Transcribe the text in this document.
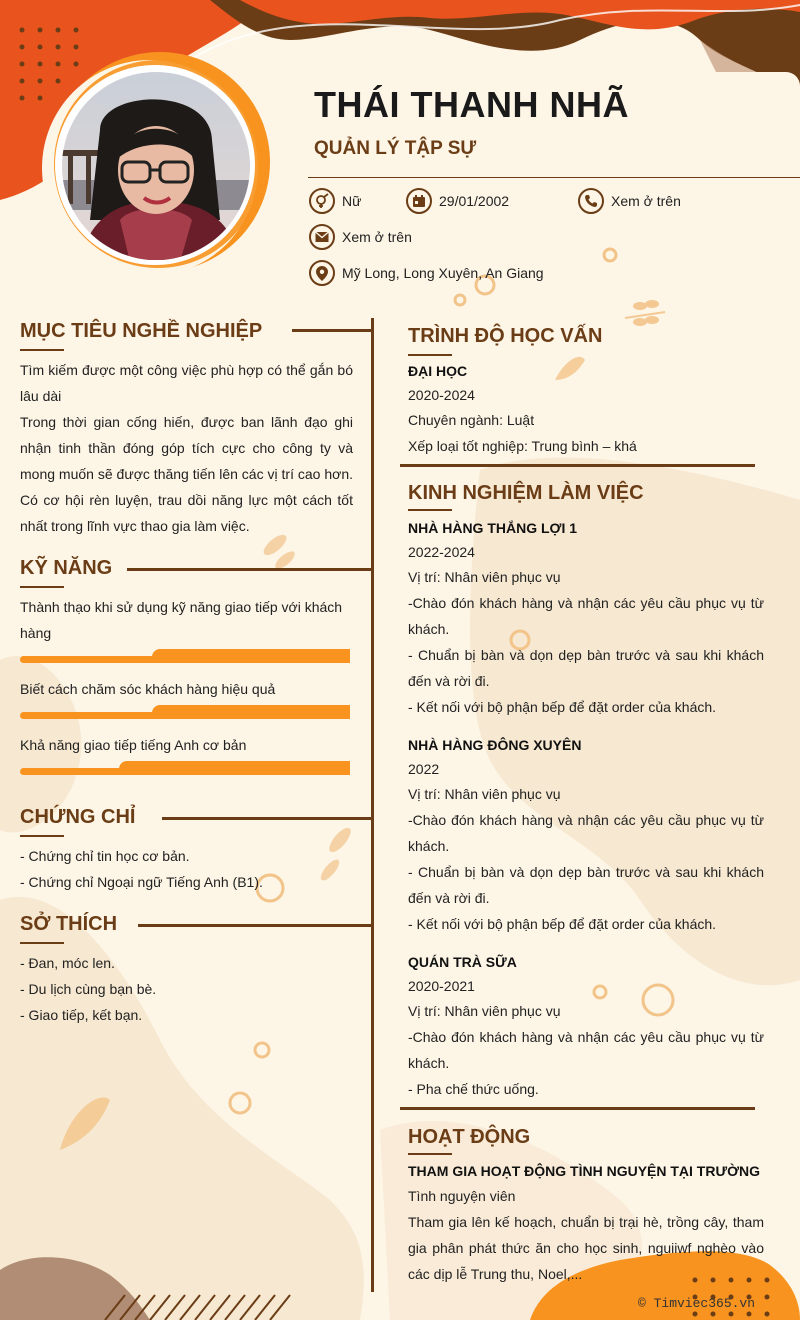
THÁI THANH NHÃ
QUẢN LÝ TẬP SỰ
Nữ	29/01/2002	Xem ở trên
Xem ở trên
Mỹ Long, Long Xuyên, An Giang
MỤC TIÊU NGHỀ NGHIỆP
Tìm kiếm được một công việc phù hợp có thể gắn bó lâu dài
Trong thời gian cống hiến, được ban lãnh đạo ghi nhận tinh thần đóng góp tích cực cho công ty và mong muốn sẽ được thăng tiến lên các vị trí cao hơn. Có cơ hội rèn luyện, trau dồi năng lực một cách tốt nhất trong lĩnh vực thao gia làm việc.
KỸ NĂNG
Thành thạo khi sử dụng kỹ năng giao tiếp với khách hàng
Biết cách chăm sóc khách hàng hiệu quả
Khả năng giao tiếp tiếng Anh cơ bản
CHỨNG CHỈ
- Chứng chỉ tin học cơ bản.
- Chứng chỉ Ngoại ngữ Tiếng Anh (B1).
SỞ THÍCH
- Đan, móc len.
- Du lịch cùng bạn bè.
- Giao tiếp, kết bạn.
TRÌNH ĐỘ HỌC VẤN
ĐẠI HỌC
2020-2024
Chuyên ngành: Luật
Xếp loại tốt nghiệp: Trung bình – khá
KINH NGHIỆM LÀM VIỆC
NHÀ HÀNG THẮNG LỢI 1
2022-2024
Vị trí: Nhân viên phục vụ
-Chào đón khách hàng và nhận các yêu cầu phục vụ từ khách.
- Chuẩn bị bàn và dọn dẹp bàn trước và sau khi khách đến và rời đi.
- Kết nối với bộ phận bếp để đặt order của khách.
NHÀ HÀNG ĐÔNG XUYÊN
2022
Vị trí: Nhân viên phục vụ
-Chào đón khách hàng và nhận các yêu cầu phục vụ từ khách.
- Chuẩn bị bàn và dọn dẹp bàn trước và sau khi khách đến và rời đi.
- Kết nối với bộ phận bếp để đặt order của khách.
QUÁN TRÀ SỮA
2020-2021
Vị trí: Nhân viên phục vụ
-Chào đón khách hàng và nhận các yêu cầu phục vụ từ khách.
- Pha chế thức uống.
HOẠT ĐỘNG
THAM GIA HOẠT ĐỘNG TÌNH NGUYỆN TẠI TRƯỜNG
Tình nguyện viên
Tham gia lên kế hoạch, chuẩn bị trại hè, trồng cây, tham gia phân phát thức ăn cho học sinh, nguiiwf nghèo vào các dịp lễ Trung thu, Noel,...
© Timviec365.vn
